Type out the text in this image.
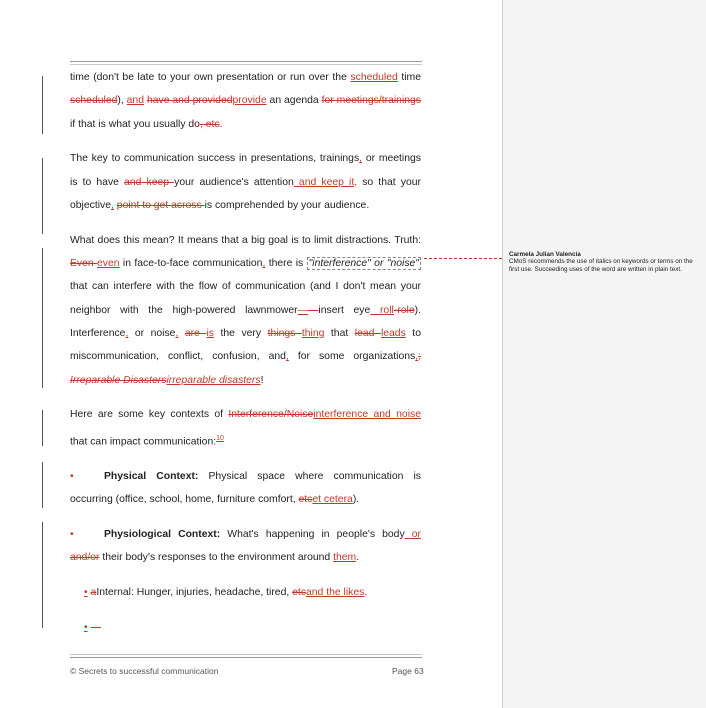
time (don't be late to your own presentation or run over the scheduled time scheduled), and have and providedprovide an agenda for meetings/trainings if that is what you usually do, etc.

The key to communication success in presentations, trainings, or meetings is to have and keep your audience's attention and keep it, so that your objective, point to get across is comprehended by your audience.

What does this mean? It means that a big goal is to limit distractions. Truth: Even even in face-to-face communication, there is "interference" or "noise" that can interfere with the flow of communication (and I don't mean your neighbor with the high-powered lawnmower——insert eye roll-role). Interference, or noise, are is the very things thing that lead leads to miscommunication, conflict, confusion, and, for some organizations,; Irreparable Disastersirreparable disasters!

Here are some key contexts of Interference/Noiseinterference and noise that can impact communication:$^{10}$

•	Physical Context: Physical space where communication is occurring (office, school, home, furniture comfort, etcet cetera).

•	Physiological Context: What's happening in people's body or and/or their body's responses to the environment around them.

• aInternal: Hunger, injuries, headache, tired, etcand the likes.

• —

© Secrets to successful communication	Page 63
Carmela Julian Valencia
CMoS recommends the use of italics on keywords or terms on the first use. Succeeding uses of the word are written in plain text.
